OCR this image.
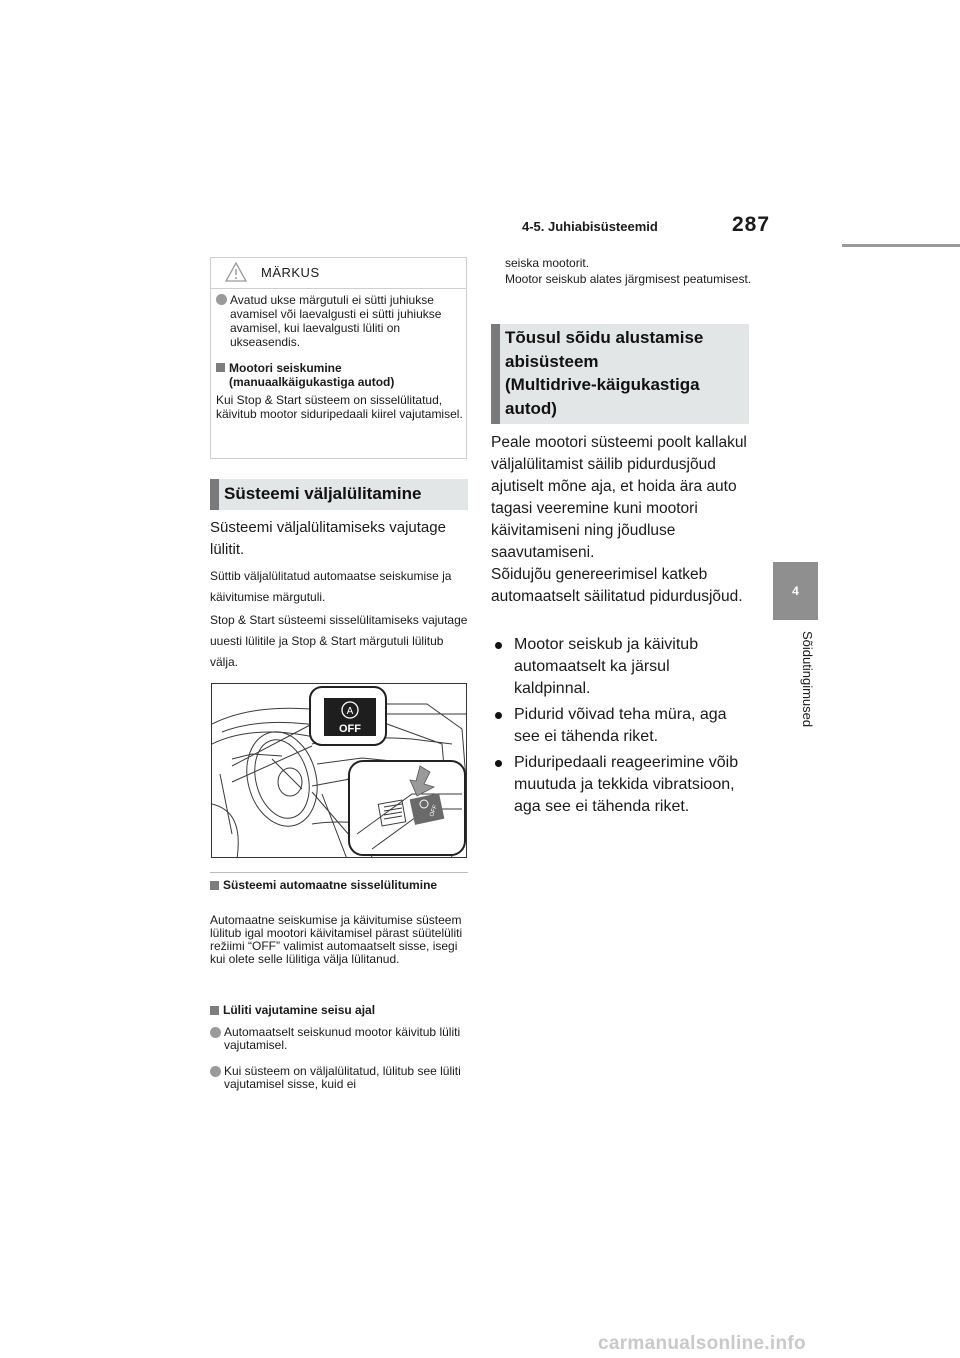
4-5. Juhiabisüsteemid	287
4
Sõidutingimused
MÄRKUS
Avatud ukse märgutuli ei sütti juhiukse avamisel või laevalgusti ei sütti juhiukse avamisel, kui laevalgusti lüliti on ukseasendis.
Mootori seiskumine (manuaalkäigukastiga autod)
Kui Stop & Start süsteem on sisselülitatud, käivitub mootor siduripedaali kiirel vajutamisel.
Süsteemi väljalülitamine
Süsteemi väljalülitamiseks vajutage lülitit.
Süttib väljalülitatud automaatse seiskumise ja käivitumise märgutuli.
Stop & Start süsteemi sisselülitamiseks vajutage uuesti lülitile ja Stop & Start märgutuli lülitub välja.
A
OFF
OFF
Süsteemi automaatne sisselülitumine
Automaatne seiskumise ja käivitumise süsteem lülitub igal mootori käivitamisel pärast süütelüliti režiimi “OFF” valimist automaatselt sisse, isegi kui olete selle lülitiga välja lülitanud.
Lüliti vajutamine seisu ajal
Automaatselt seiskunud mootor käivitub lüliti vajutamisel.
Kui süsteem on väljalülitatud, lülitub see lüliti vajutamisel sisse, kuid ei
seiska mootorit.
Mootor seiskub alates järgmisest peatumisest.
Tõusul sõidu alustamise
abisüsteem
(Multidrive-käigukastiga
autod)
Peale mootori süsteemi poolt kallakul väljalülitamist säilib pidurdusjõud ajutiselt mõne aja, et hoida ära auto tagasi veeremine kuni mootori käivitamiseni ning jõudluse saavutamiseni.
Sõidujõu genereerimisel katkeb automaatselt säilitatud pidurdusjõud.
Mootor seiskub ja käivitub automaatselt ka järsul kaldpinnal.
Pidurid võivad teha müra, aga see ei tähenda riket.
Piduripedaali reageerimine võib muutuda ja tekkida vibratsioon, aga see ei tähenda riket.
carmanualsonline.info
